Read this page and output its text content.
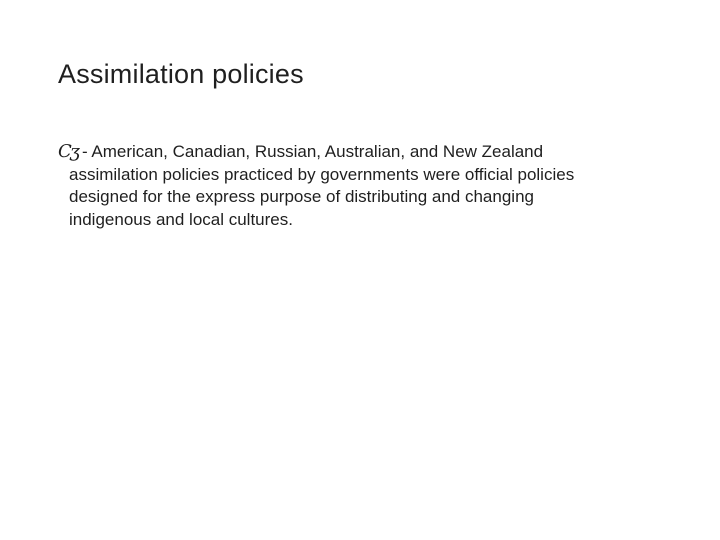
Assimilation policies
Cʒ - American, Canadian, Russian, Australian, and New Zealand
assimilation policies practiced by governments were official policies
designed for the express purpose of distributing and changing
indigenous and local cultures.
